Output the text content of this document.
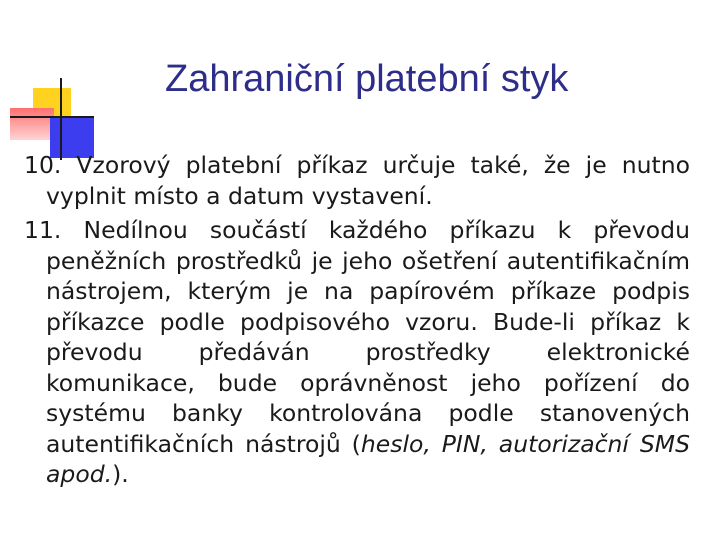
Zahraniční platební styk

10. Vzorový platební příkaz určuje také, že je nutno vyplnit místo a datum vystavení.

11. Nedílnou součástí každého příkazu k převodu peněžních prostředků je jeho ošetření autentifikačním nástrojem, kterým je na papírovém příkaze podpis příkazce podle podpisového vzoru. Bude-li příkaz k převodu předáván prostředky elektronické komunikace, bude oprávněnost jeho pořízení do systému banky kontrolována podle stanovených autentifikačních nástrojů (heslo, PIN, autorizační SMS apod.).
